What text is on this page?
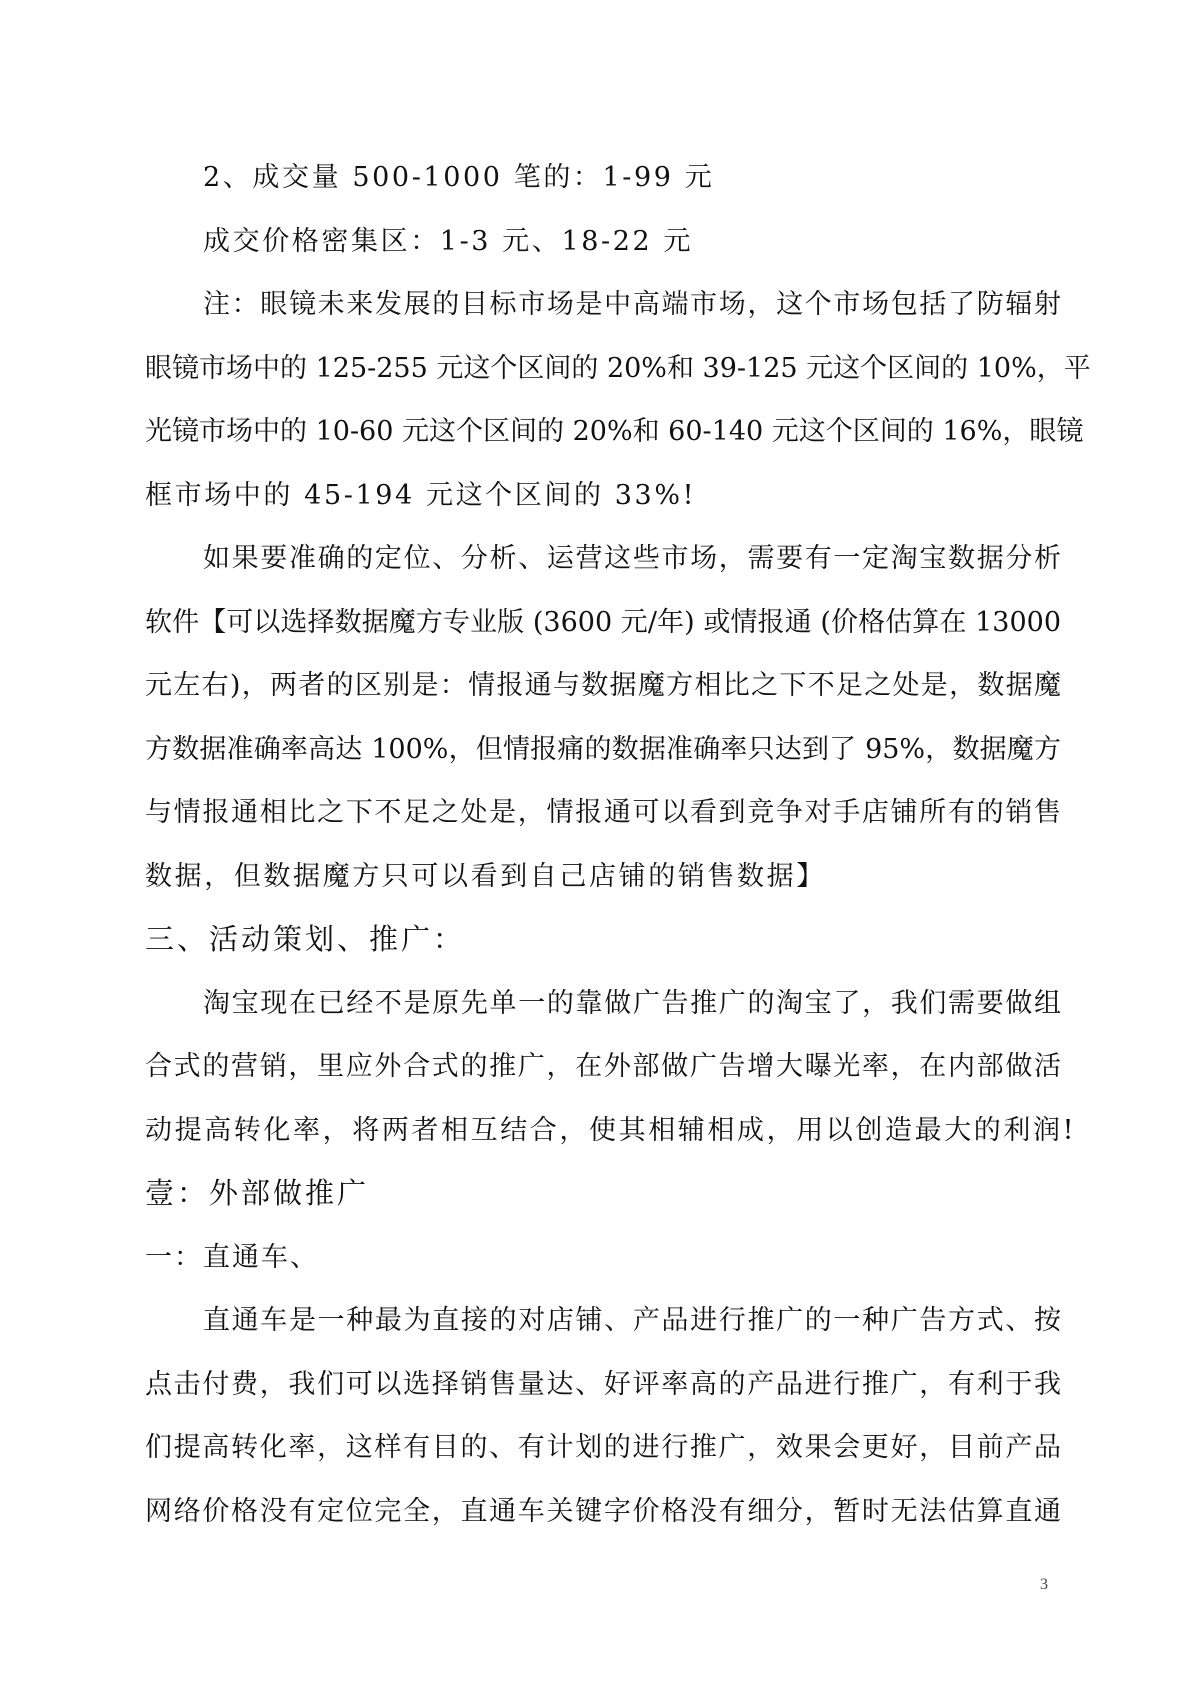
2、成交量 500-1000 笔的：1-99 元
成交价格密集区：1-3 元、18-22 元
注：眼镜未来发展的目标市场是中高端市场，这个市场包括了防辐射
眼镜市场中的 125-255 元这个区间的 20%和 39-125 元这个区间的 10%，平
光镜市场中的 10-60 元这个区间的 20%和 60-140 元这个区间的 16%，眼镜
框市场中的 45-194 元这个区间的 33%!
如果要准确的定位、分析、运营这些市场，需要有一定淘宝数据分析
软件【可以选择数据魔方专业版 (3600 元/年) 或情报通 (价格估算在 13000
元左右)，两者的区别是：情报通与数据魔方相比之下不足之处是，数据魔
方数据准确率高达 100%，但情报痛的数据准确率只达到了 95%，数据魔方
与情报通相比之下不足之处是，情报通可以看到竞争对手店铺所有的销售
数据，但数据魔方只可以看到自己店铺的销售数据】
三、活动策划、推广：
淘宝现在已经不是原先单一的靠做广告推广的淘宝了，我们需要做组
合式的营销，里应外合式的推广，在外部做广告增大曝光率，在内部做活
动提高转化率，将两者相互结合，使其相辅相成，用以创造最大的利润!
壹：外部做推广
一：直通车、
直通车是一种最为直接的对店铺、产品进行推广的一种广告方式、按
点击付费，我们可以选择销售量达、好评率高的产品进行推广，有利于我
们提高转化率，这样有目的、有计划的进行推广，效果会更好，目前产品
网络价格没有定位完全，直通车关键字价格没有细分，暂时无法估算直通
3
